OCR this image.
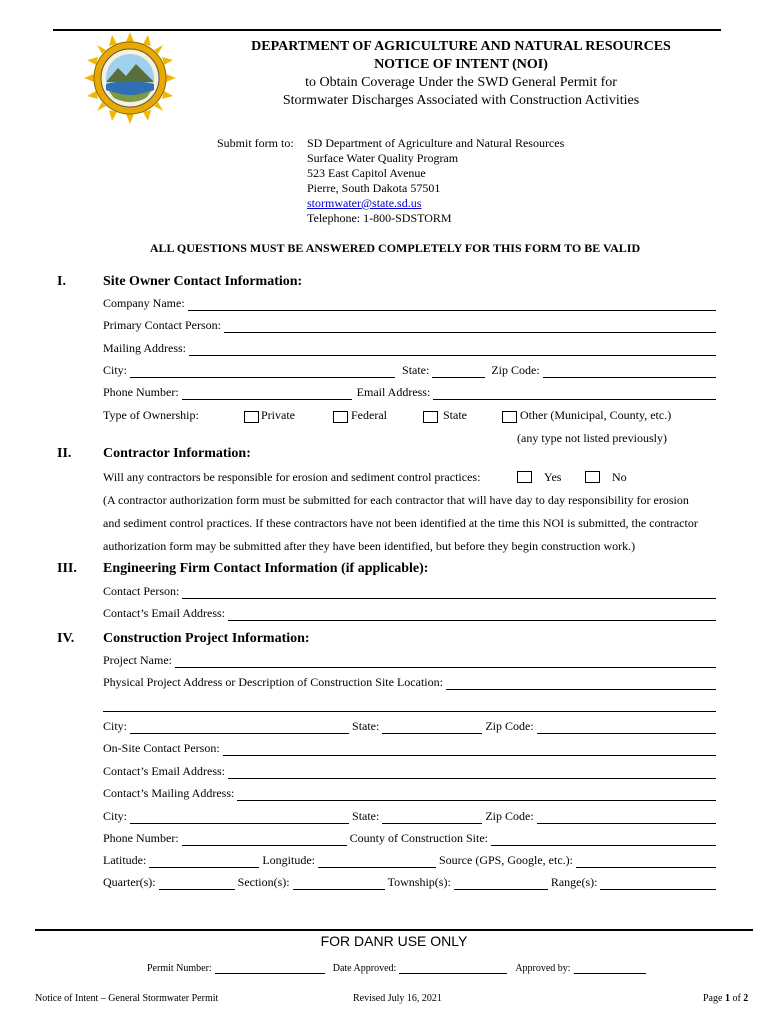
DEPARTMENT OF AGRICULTURE AND NATURAL RESOURCES
NOTICE OF INTENT (NOI)
to Obtain Coverage Under the SWD General Permit for
Stormwater Discharges Associated with Construction Activities
Submit form to: SD Department of Agriculture and Natural Resources
Surface Water Quality Program
523 East Capitol Avenue
Pierre, South Dakota 57501
stormwater@state.sd.us
Telephone: 1-800-SDSTORM
ALL QUESTIONS MUST BE ANSWERED COMPLETELY FOR THIS FORM TO BE VALID
I.	Site Owner Contact Information:
Company Name:
Primary Contact Person:
Mailing Address:
City:	State:	Zip Code:
Phone Number:	Email Address:
Type of Ownership:	Private	Federal	State	Other (Municipal, County, etc.)
(any type not listed previously)
II. Contractor Information:
Will any contractors be responsible for erosion and sediment control practices:	Yes	No
(A contractor authorization form must be submitted for each contractor that will have day to day responsibility for erosion
and sediment control practices. If these contractors have not been identified at the time this NOI is submitted, the contractor
authorization form may be submitted after they have been identified, but before they begin construction work.)
III. Engineering Firm Contact Information (if applicable):
Contact Person:
Contact’s Email Address:
IV. Construction Project Information:
Project Name:
Physical Project Address or Description of Construction Site Location:
City:	State:	Zip Code:
On-Site Contact Person:
Contact’s Email Address:
Contact’s Mailing Address:
City:	State:	Zip Code:
Phone Number:	County of Construction Site:
Latitude:	Longitude:	Source (GPS, Google, etc.):
Quarter(s):	Section(s):	Township(s):	Range(s):
FOR DANR USE ONLY
Permit Number:	Date Approved:	Approved by:
Notice of Intent – General Stormwater Permit	Revised July 16, 2021	Page 1 of 2
